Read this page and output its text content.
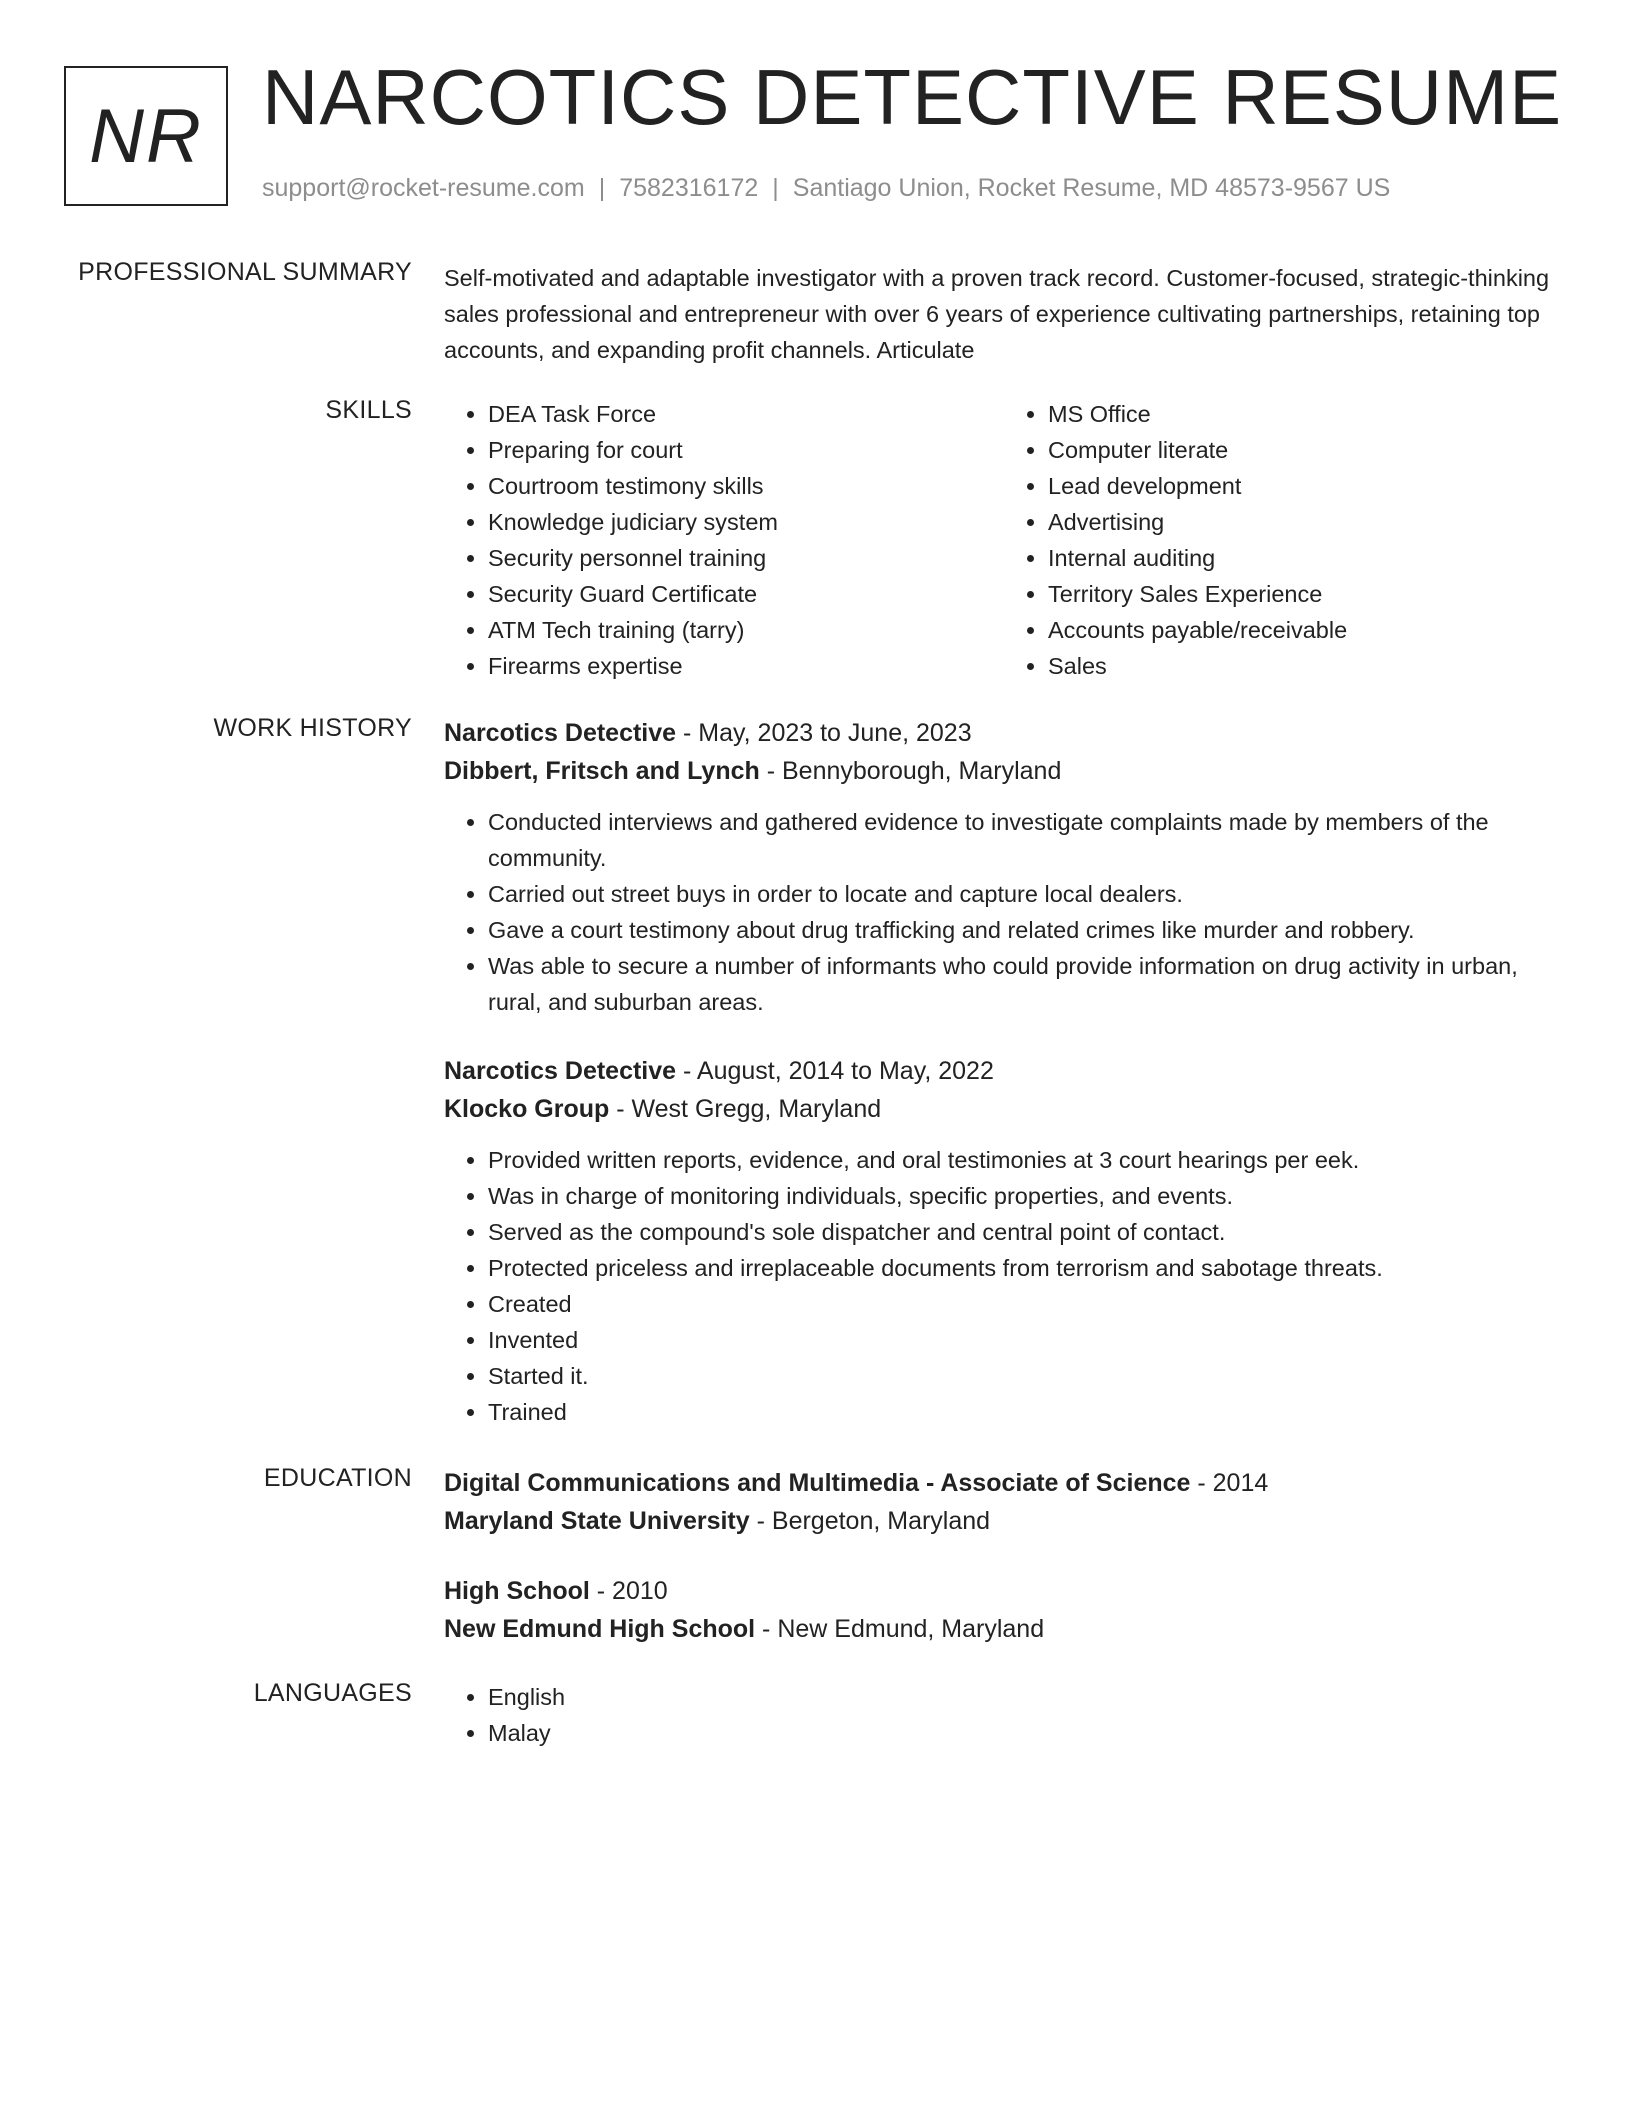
NR NARCOTICS DETECTIVE RESUME
support@rocket-resume.com | 7582316172 | Santiago Union, Rocket Resume, MD 48573-9567 US
PROFESSIONAL SUMMARY Self-motivated and adaptable investigator with a proven track record. Customer-focused, strategic-thinking sales professional and entrepreneur with over 6 years of experience cultivating partnerships, retaining top accounts, and expanding profit channels. Articulate
SKILLS	• DEA Task Force
• Preparing for court
• Courtroom testimony skills
• Knowledge judiciary system
• Security personnel training
• Security Guard Certificate
• ATM Tech training (tarry)
• Firearms expertise
• MS Office
• Computer literate
• Lead development
• Advertising
• Internal auditing
• Territory Sales Experience
• Accounts payable/receivable
• Sales
WORK HISTORY Narcotics Detective - May, 2023 to June, 2023
Dibbert, Fritsch and Lynch - Bennyborough, Maryland
• Conducted interviews and gathered evidence to investigate complaints made by members of the community.
• Carried out street buys in order to locate and capture local dealers.
• Gave a court testimony about drug trafficking and related crimes like murder and robbery.
• Was able to secure a number of informants who could provide information on drug activity in urban, rural, and suburban areas.
Narcotics Detective - August, 2014 to May, 2022
Klocko Group - West Gregg, Maryland
• Provided written reports, evidence, and oral testimonies at 3 court hearings per eek.
• Was in charge of monitoring individuals, specific properties, and events.
• Served as the compound's sole dispatcher and central point of contact.
• Protected priceless and irreplaceable documents from terrorism and sabotage threats.
• Created
• Invented
• Started it.
• Trained
EDUCATION Digital Communications and Multimedia - Associate of Science - 2014
Maryland State University - Bergeton, Maryland
High School - 2010
New Edmund High School - New Edmund, Maryland
LANGUAGES	• English
• Malay
